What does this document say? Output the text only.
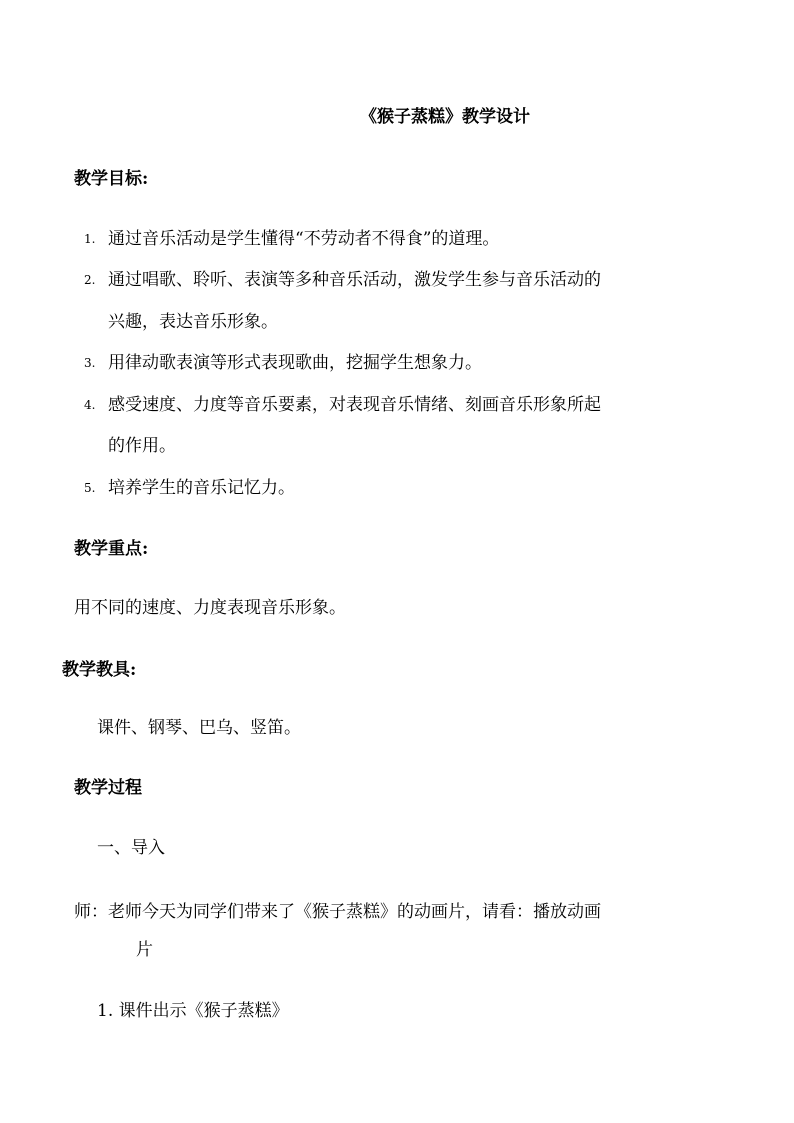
《猴子蒸糕》教学设计
教学目标:
1. 通过音乐活动是学生懂得“不劳动者不得食”的道理。
2. 通过唱歌、聆听、表演等多种音乐活动，激发学生参与音乐活动的
兴趣，表达音乐形象。
3. 用律动歌表演等形式表现歌曲，挖掘学生想象力。
4. 感受速度、力度等音乐要素，对表现音乐情绪、刻画音乐形象所起
的作用。
5. 培养学生的音乐记忆力。
教学重点:
用不同的速度、力度表现音乐形象。
教学教具:
课件、钢琴、巴乌、竖笛。
教学过程
一、导入
师：老师今天为同学们带来了《猴子蒸糕》的动画片，请看：播放动画
片
1. 课件出示《猴子蒸糕》
